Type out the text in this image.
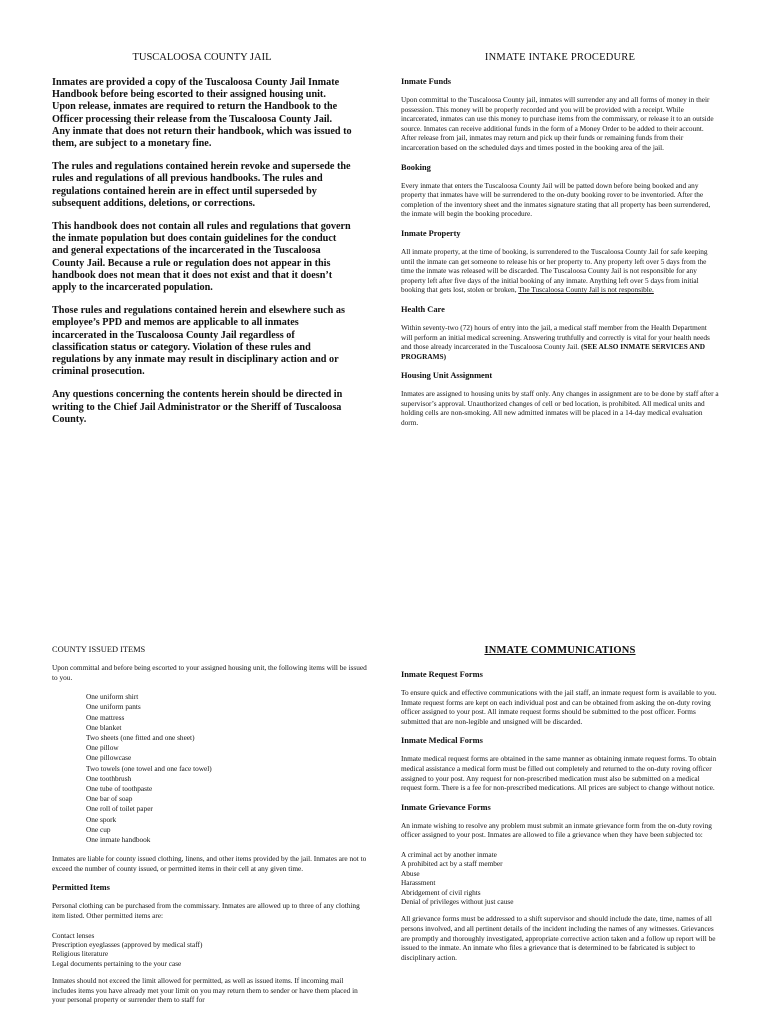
TUSCALOOSA COUNTY JAIL

Inmates are provided a copy of the Tuscaloosa County Jail Inmate Handbook before being escorted to their assigned housing unit. Upon release, inmates are required to return the Handbook to the Officer processing their release from the Tuscaloosa County Jail. Any inmate that does not return their handbook, which was issued to them, are subject to a monetary fine.

The rules and regulations contained herein revoke and supersede the rules and regulations of all previous handbooks. The rules and regulations contained herein are in effect until superseded by subsequent additions, deletions, or corrections.

This handbook does not contain all rules and regulations that govern the inmate population but does contain guidelines for the conduct and general expectations of the incarcerated in the Tuscaloosa County Jail. Because a rule or regulation does not appear in this handbook does not mean that it does not exist and that it doesn’t apply to the incarcerated population.

Those rules and regulations contained herein and elsewhere such as employee’s PPD and memos are applicable to all inmates incarcerated in the Tuscaloosa County Jail regardless of classification status or category. Violation of these rules and regulations by any inmate may result in disciplinary action and or criminal prosecution.

Any questions concerning the contents herein should be directed in writing to the Chief Jail Administrator or the Sheriff of Tuscaloosa County.

INMATE INTAKE PROCEDURE
Inmate Funds

Upon committal to the Tuscaloosa County jail, inmates will surrender any and all forms of money in their possession. This money will be properly recorded and you will be provided with a receipt. While incarcerated, inmates can use this money to purchase items from the commissary, or release it to an outside source. Inmates can receive additional funds in the form of a Money Order to be added to their account. After release from jail, inmates may return and pick up their funds or remaining funds from their incarceration based on the scheduled days and times posted in the booking area of the jail.

Booking

Every inmate that enters the Tuscaloosa County Jail will be patted down before being booked and any property that inmates have will be surrendered to the on-duty booking rover to be inventoried. After the completion of the inventory sheet and the inmates signature stating that all property has been surrendered, the inmate will begin the booking procedure.

Inmate Property

All inmate property, at the time of booking, is surrendered to the Tuscaloosa County Jail for safe keeping until the inmate can get someone to release his or her property to. Any property left over 5 days from the time the inmate was released will be discarded. The Tuscaloosa County Jail is not responsible for any property left after five days of the initial booking of any inmate. Anything left over 5 days from initial booking that gets lost, stolen or broken, The Tuscaloosa County Jail is not responsible.

Health Care

Within seventy-two (72) hours of entry into the jail, a medical staff member from the Health Department will perform an initial medical screening. Answering truthfully and correctly is vital for your health needs and those already incarcerated in the Tuscaloosa County Jail. (SEE ALSO INMATE SERVICES AND PROGRAMS)

Housing Unit Assignment

Inmates are assigned to housing units by staff only. Any changes in assignment are to be done by staff after a supervisor’s approval. Unauthorized changes of cell or bed location, is prohibited. All medical units and holding cells are non-smoking. All new admitted inmates will be placed in a 14-day medical evaluation dorm.

COUNTY ISSUED ITEMS

Upon committal and before being escorted to your assigned housing unit, the following items will be issued to you.

One uniform shirt
One uniform pants
One mattress
One blanket
Two sheets (one fitted and one sheet)
One pillow
One pillowcase
Two towels (one towel and one face towel)
One toothbrush
One tube of toothpaste
One bar of soap
One roll of toilet paper
One spork
One cup
One inmate handbook

Inmates are liable for county issued clothing, linens, and other items provided by the jail. Inmates are not to exceed the number of county issued, or permitted items in their cell at any given time.

Permitted Items

Personal clothing can be purchased from the commissary. Inmates are allowed up to three of any clothing item listed. Other permitted items are:

Contact lenses
Prescription eyeglasses (approved by medical staff)
Religious literature
Legal documents pertaining to the your case

Inmates should not exceed the limit allowed for permitted, as well as issued items. If incoming mail includes items you have already met your limit on you may return them to sender or have them placed in your personal property or surrender them to staff for

INMATE COMMUNICATIONS
Inmate Request Forms

To ensure quick and effective communications with the jail staff, an inmate request form is available to you. Inmate request forms are kept on each individual post and can be obtained from asking the on-duty roving officer assigned to your post. All inmate request forms should be submitted to the post officer. Forms submitted that are non-legible and unsigned will be discarded.

Inmate Medical Forms

Inmate medical request forms are obtained in the same manner as obtaining inmate request forms. To obtain medical assistance a medical form must be filled out completely and returned to the on-duty roving officer assigned to your post. Any request for non-prescribed medication must also be submitted on a medical request form. There is a fee for non-prescribed medications. All prices are subject to change without notice.

Inmate Grievance Forms

An inmate wishing to resolve any problem must submit an inmate grievance form from the on-duty roving officer assigned to your post. Inmates are allowed to file a grievance when they have been subjected to:

A criminal act by another inmate
A prohibited act by a staff member
Abuse
Harassment
Abridgement of civil rights
Denial of privileges without just cause

All grievance forms must be addressed to a shift supervisor and should include the date, time, names of all persons involved, and all pertinent details of the incident including the names of any witnesses. Grievances are promptly and thoroughly investigated, appropriate corrective action taken and a follow up report will be issued to the inmate. An inmate who files a grievance that is determined to be fabricated is subject to disciplinary action.
